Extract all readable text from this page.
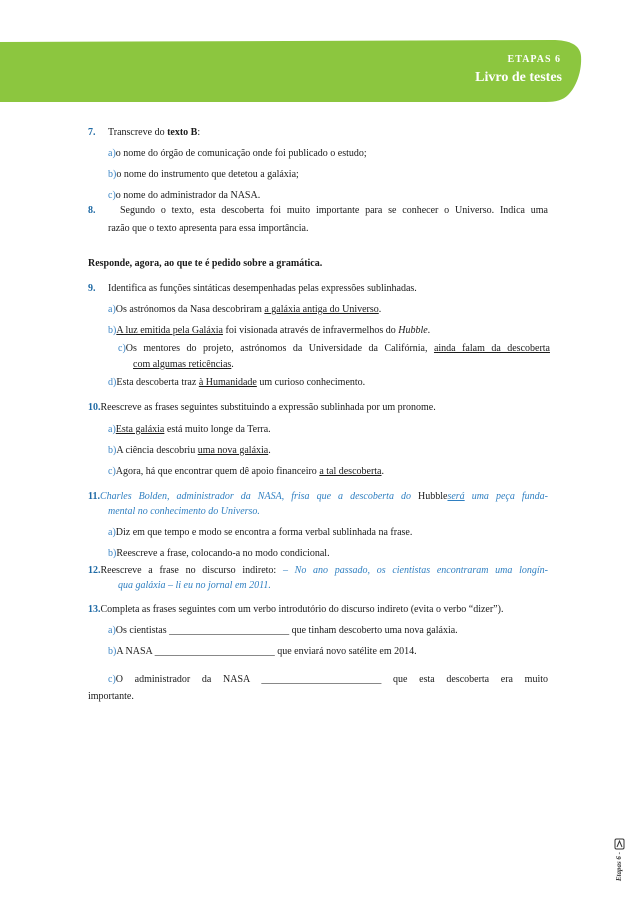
ETAPAS 6
Livro de testes
7. Transcreve do texto B:
a)o nome do órgão de comunicação onde foi publicado o estudo;
b)o nome do instrumento que detetou a galáxia;
c)o nome do administrador da NASA.
8. Segundo o texto, esta descoberta foi muito importante para se conhecer o Universo. Indica uma
razão que o texto apresenta para essa importância.
Responde, agora, ao que te é pedido sobre a gramática.
9. Identifica as funções sintáticas desempenhadas pelas expressões sublinhadas.
a)Os astrónomos da Nasa descobriram a galáxia antiga do Universo.
b)A luz emitida pela Galáxia foi visionada através de infravermelhos do Hubble.
c)Os mentores do projeto, astrónomos da Universidade da Califórnia, ainda falam da descoberta
com algumas reticências.
d)Esta descoberta traz à Humanidade um curioso conhecimento.
10.Reescreve as frases seguintes substituindo a expressão sublinhada por um pronome.
a)Esta galáxia está muito longe da Terra.
b)A ciência descobriu uma nova galáxia.
c)Agora, há que encontrar quem dê apoio financeiro a tal descoberta.
11.Charles Bolden, administrador da NASA, frisa que a descoberta do Hubbleserá uma peça funda-
mental no conhecimento do Universo.
a)Diz em que tempo e modo se encontra a forma verbal sublinhada na frase.
b)Reescreve a frase, colocando-a no modo condicional.
12.Reescreve a frase no discurso indireto: – No ano passado, os cientistas encontraram uma longín-
qua galáxia – li eu no jornal em 2011.
13.Completa as frases seguintes com um verbo introdutório do discurso indireto (evita o verbo “dizer”).
a)Os cientistas ________________________ que tinham descoberto uma nova galáxia.
b)A NASA ________________________ que enviará novo satélite em 2014.
c)O administrador da NASA ________________________ que esta descoberta era muito
importante.
Etapas 6 -
